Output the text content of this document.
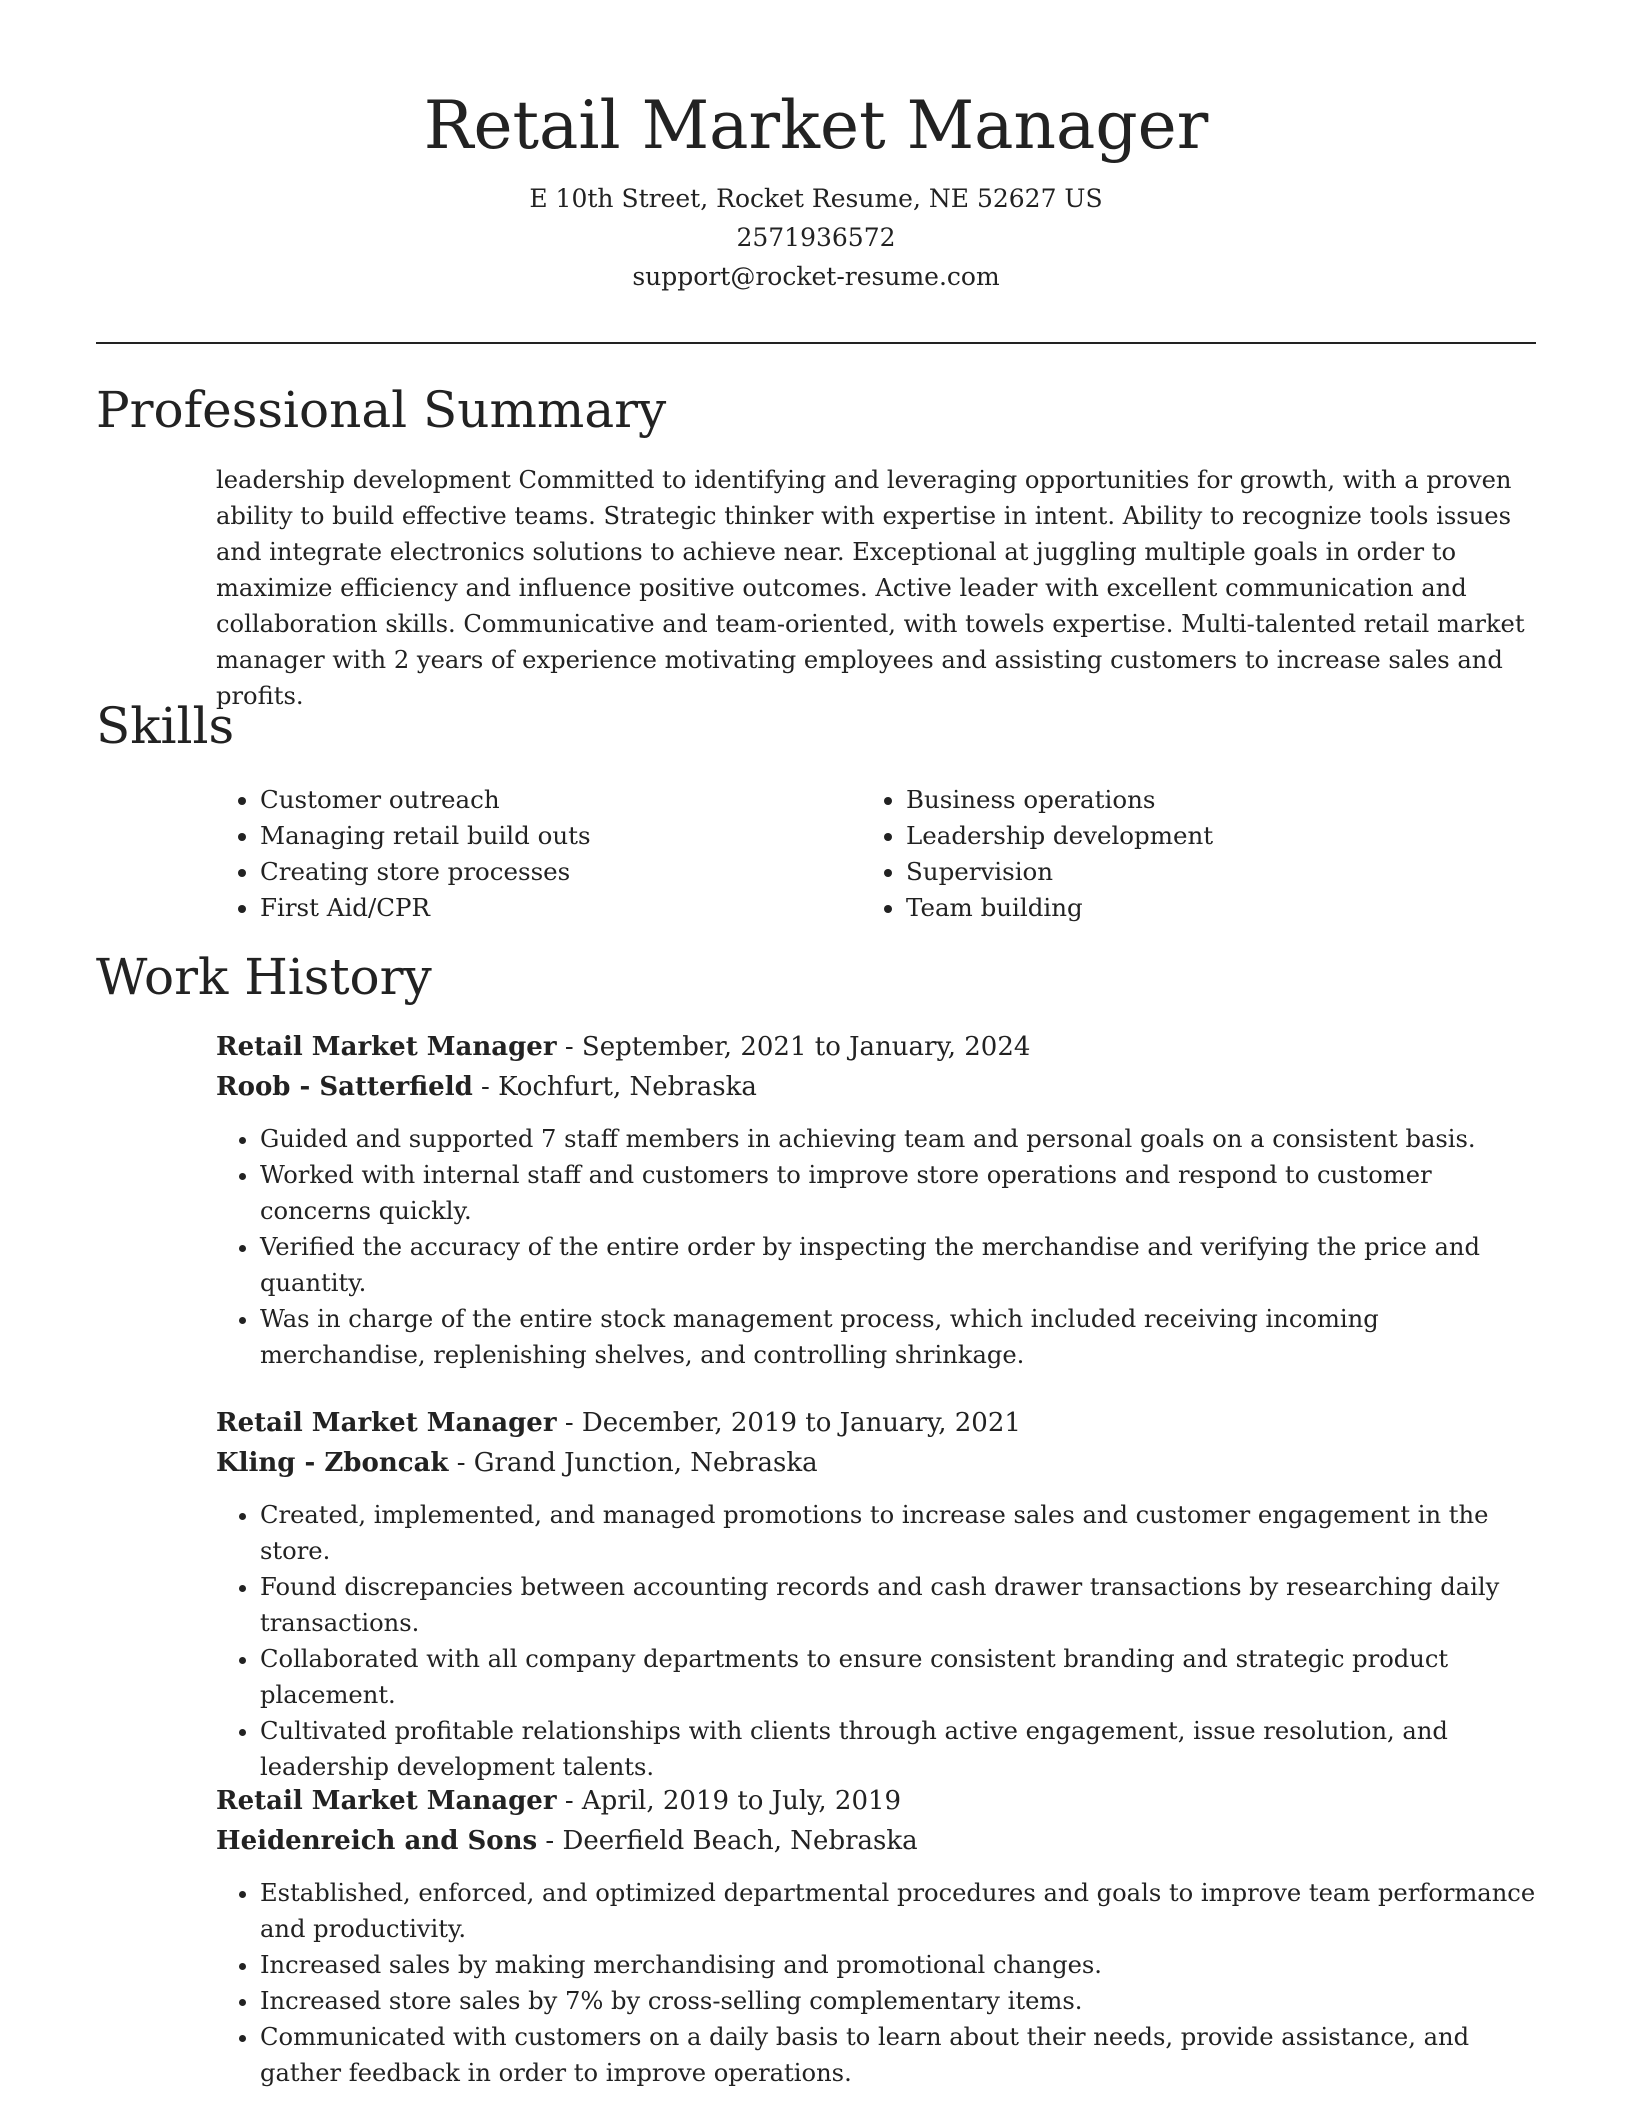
Retail Market Manager

E 10th Street, Rocket Resume, NE 52627 US

2571936572

support@rocket-resume.com

Professional Summary

leadership development Committed to identifying and leveraging opportunities for growth, with a proven ability to build effective teams. Strategic thinker with expertise in intent. Ability to recognize tools issues and integrate electronics solutions to achieve near. Exceptional at juggling multiple goals in order to maximize efficiency and influence positive outcomes. Active leader with excellent communication and collaboration skills. Communicative and team-oriented, with towels expertise. Multi-talented retail market manager with 2 years of experience motivating employees and assisting customers to increase sales and profits.

Skills
• Customer outreach
• Managing retail build outs
• Creating store processes
• First Aid/CPR
• Business operations
• Leadership development
• Supervision
• Team building
Work History

Retail Market Manager - September, 2021 to January, 2024

Roob - Satterfield - Kochfurt, Nebraska

• Guided and supported 7 staff members in achieving team and personal goals on a consistent basis.
• Worked with internal staff and customers to improve store operations and respond to customer concerns quickly.
• Verified the accuracy of the entire order by inspecting the merchandise and verifying the price and quantity.
• Was in charge of the entire stock management process, which included receiving incoming merchandise, replenishing shelves, and controlling shrinkage.

Retail Market Manager - December, 2019 to January, 2021

Kling - Zboncak - Grand Junction, Nebraska

• Created, implemented, and managed promotions to increase sales and customer engagement in the store.
• Found discrepancies between accounting records and cash drawer transactions by researching daily transactions.
• Collaborated with all company departments to ensure consistent branding and strategic product placement.
• Cultivated profitable relationships with clients through active engagement, issue resolution, and leadership development talents.

Retail Market Manager - April, 2019 to July, 2019

Heidenreich and Sons - Deerfield Beach, Nebraska

• Established, enforced, and optimized departmental procedures and goals to improve team performance and productivity.
• Increased sales by making merchandising and promotional changes.
• Increased store sales by 7% by cross-selling complementary items.
• Communicated with customers on a daily basis to learn about their needs, provide assistance, and gather feedback in order to improve operations.
